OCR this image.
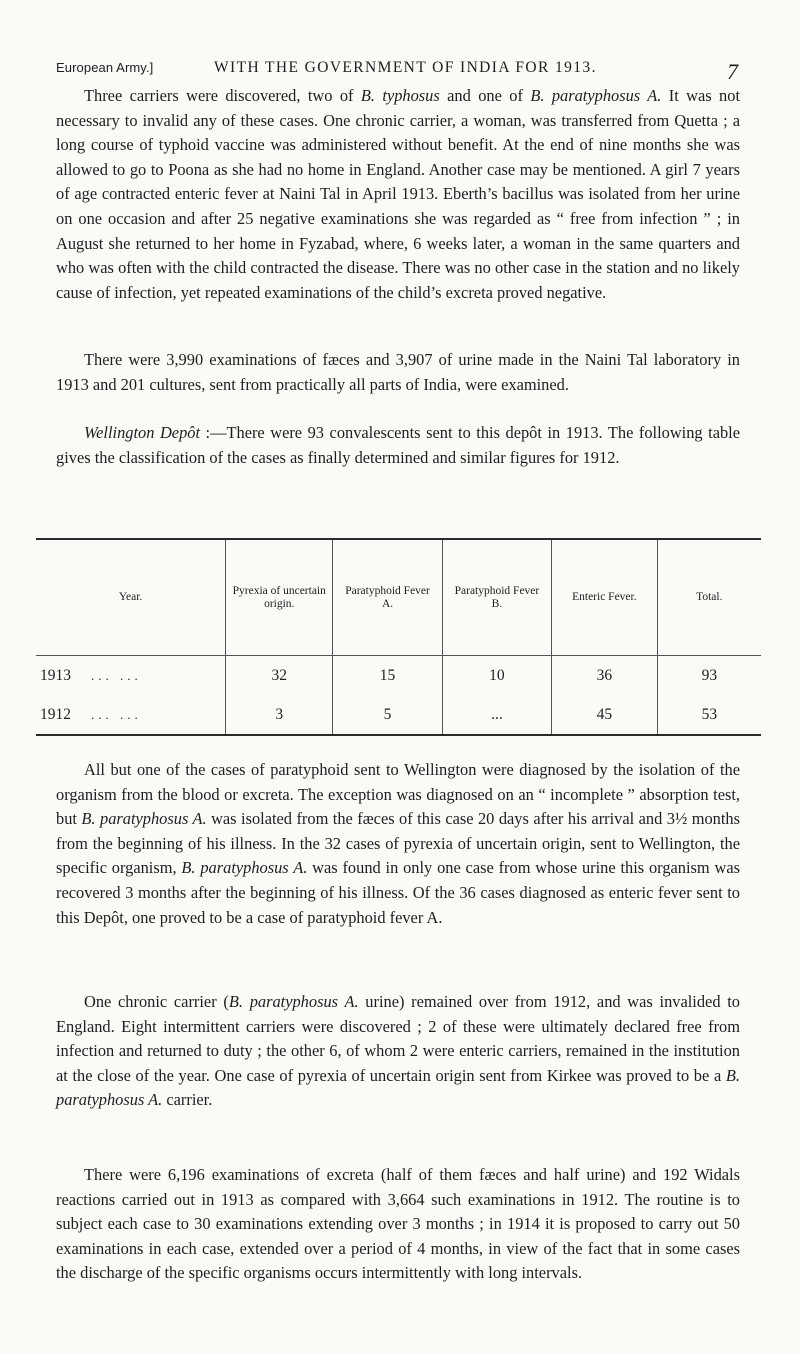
European Army.]	WITH THE GOVERNMENT OF INDIA FOR 1913.	7

Three carriers were discovered, two of B. typhosus and one of B. paratyphosus A. It was not necessary to invalid any of these cases. One chronic carrier, a woman, was transferred from Quetta ; a long course of typhoid vaccine was administered without benefit. At the end of nine months she was allowed to go to Poona as she had no home in England. Another case may be mentioned. A girl 7 years of age contracted enteric fever at Naini Tal in April 1913. Eberth’s bacillus was isolated from her urine on one occasion and after 25 negative examinations she was regarded as “ free from infection ” ; in August she returned to her home in Fyzabad, where, 6 weeks later, a woman in the same quarters and who was often with the child contracted the disease. There was no other case in the station and no likely cause of infection, yet repeated examinations of the child’s excreta proved negative.

There were 3,990 examinations of fæces and 3,907 of urine made in the Naini Tal laboratory in 1913 and 201 cultures, sent from practically all parts of India, were examined.

Wellington Depôt :—There were 93 convalescents sent to this depôt in 1913. The following table gives the classification of the cases as finally determined and similar figures for 1912.

Year.	Pyrexia of uncertain origin.	Paratyphoid Fever A.	Paratyphoid Fever B.	Enteric Fever.	Total.
1913 ... ...	32	15	10	36	93
1912 ... ...	3	5	...	45	53

All but one of the cases of paratyphoid sent to Wellington were diagnosed by the isolation of the organism from the blood or excreta. The exception was diagnosed on an “ incomplete ” absorption test, but B. paratyphosus A. was isolated from the fæces of this case 20 days after his arrival and 3½ months from the beginning of his illness. In the 32 cases of pyrexia of uncertain origin, sent to Wellington, the specific organism, B. paratyphosus A. was found in only one case from whose urine this organism was recovered 3 months after the beginning of his illness. Of the 36 cases diagnosed as enteric fever sent to this Depôt, one proved to be a case of paratyphoid fever A.

One chronic carrier (B. paratyphosus A. urine) remained over from 1912, and was invalided to England. Eight intermittent carriers were discovered ; 2 of these were ultimately declared free from infection and returned to duty ; the other 6, of whom 2 were enteric carriers, remained in the institution at the close of the year. One case of pyrexia of uncertain origin sent from Kirkee was proved to be a B. paratyphosus A. carrier.

There were 6,196 examinations of excreta (half of them fæces and half urine) and 192 Widals reactions carried out in 1913 as compared with 3,664 such examinations in 1912. The routine is to subject each case to 30 examinations extending over 3 months ; in 1914 it is proposed to carry out 50 examinations in each case, extended over a period of 4 months, in view of the fact that in some cases the discharge of the specific organisms occurs intermittently with long intervals.
